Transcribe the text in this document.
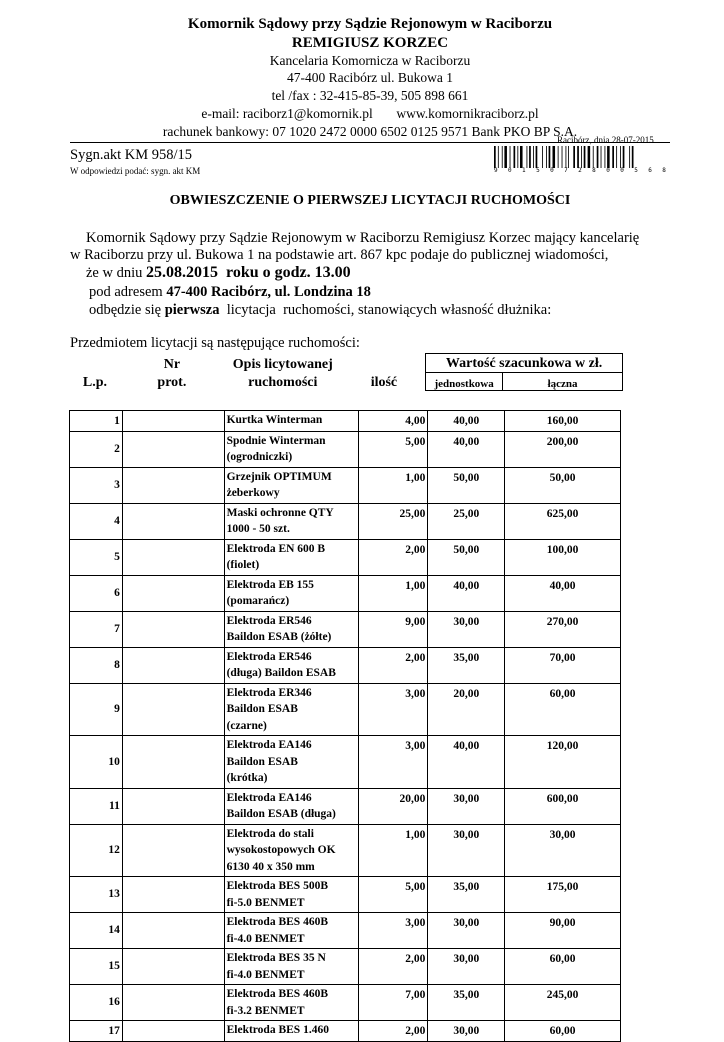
Komornik Sądowy przy Sądzie Rejonowym w Raciborzu
REMIGIUSZ KORZEC
Kancelaria Komornicza w Raciborzu
47-400 Racibórz ul. Bukowa 1
tel /fax : 32-415-85-39, 505 898 661
e-mail: raciborz1@komornik.pl       www.komornikraciborz.pl
rachunek bankowy: 07 1020 2472 0000 6502 0125 9571 Bank PKO BP S.A.
Racibórz, dnia 28-07-2015
9 0 1 5 0 7 2 8 0 0 5 6 8
Sygn.akt KM 958/15
W odpowiedzi podać: sygn. akt KM
OBWIESZCZENIE O PIERWSZEJ LICYTACJI RUCHOMOŚCI
Komornik Sądowy przy Sądzie Rejonowym w Raciborzu Remigiusz Korzec mający kancelarię
w Raciborzu przy ul. Bukowa 1 na podstawie art. 867 kpc podaje do publicznej wiadomości,
że w dniu 25.08.2015  roku o godz. 13.00
pod adresem 47-400 Racibórz, ul. Londzina 18
odbędzie się pierwsza  licytacja  ruchomości, stanowiących własność dłużnika:
Przedmiotem licytacji są następujące ruchomości:
	Nr	Opis licytowanej		Wartość szacunkowa w zł.	
L.p.	prot.	ruchomości	ilość	jednostkowa	łączna
1		Kurtka Winterman	4,00	40,00	160,00
2		Spodnie Winterman
(ogrodniczki)	5,00	40,00	200,00
3		Grzejnik OPTIMUM
żeberkowy	1,00	50,00	50,00
4		Maski ochronne QTY
1000 - 50 szt.	25,00	25,00	625,00
5		Elektroda EN 600 B
(fiolet)	2,00	50,00	100,00
6		Elektroda EB 155
(pomarańcz)	1,00	40,00	40,00
7		Elektroda ER546
Baildon ESAB (żółte)	9,00	30,00	270,00
8		Elektroda ER546
(długa) Baildon ESAB	2,00	35,00	70,00
9		Elektroda ER346
Baildon ESAB
(czarne)	3,00	20,00	60,00
10		Elektroda EA146
Baildon ESAB
(krótka)	3,00	40,00	120,00
11		Elektroda EA146
Baildon ESAB (długa)	20,00	30,00	600,00
12		Elektroda do stali
wysokostopowych OK
6130 40 x 350 mm	1,00	30,00	30,00
13		Elektroda BES 500B
fi-5.0 BENMET	5,00	35,00	175,00
14		Elektroda BES 460B
fi-4.0 BENMET	3,00	30,00	90,00
15		Elektroda BES 35 N
fi-4.0 BENMET	2,00	30,00	60,00
16		Elektroda BES 460B
fi-3.2 BENMET	7,00	35,00	245,00
17		Elektroda BES 1.460	2,00	30,00	60,00
